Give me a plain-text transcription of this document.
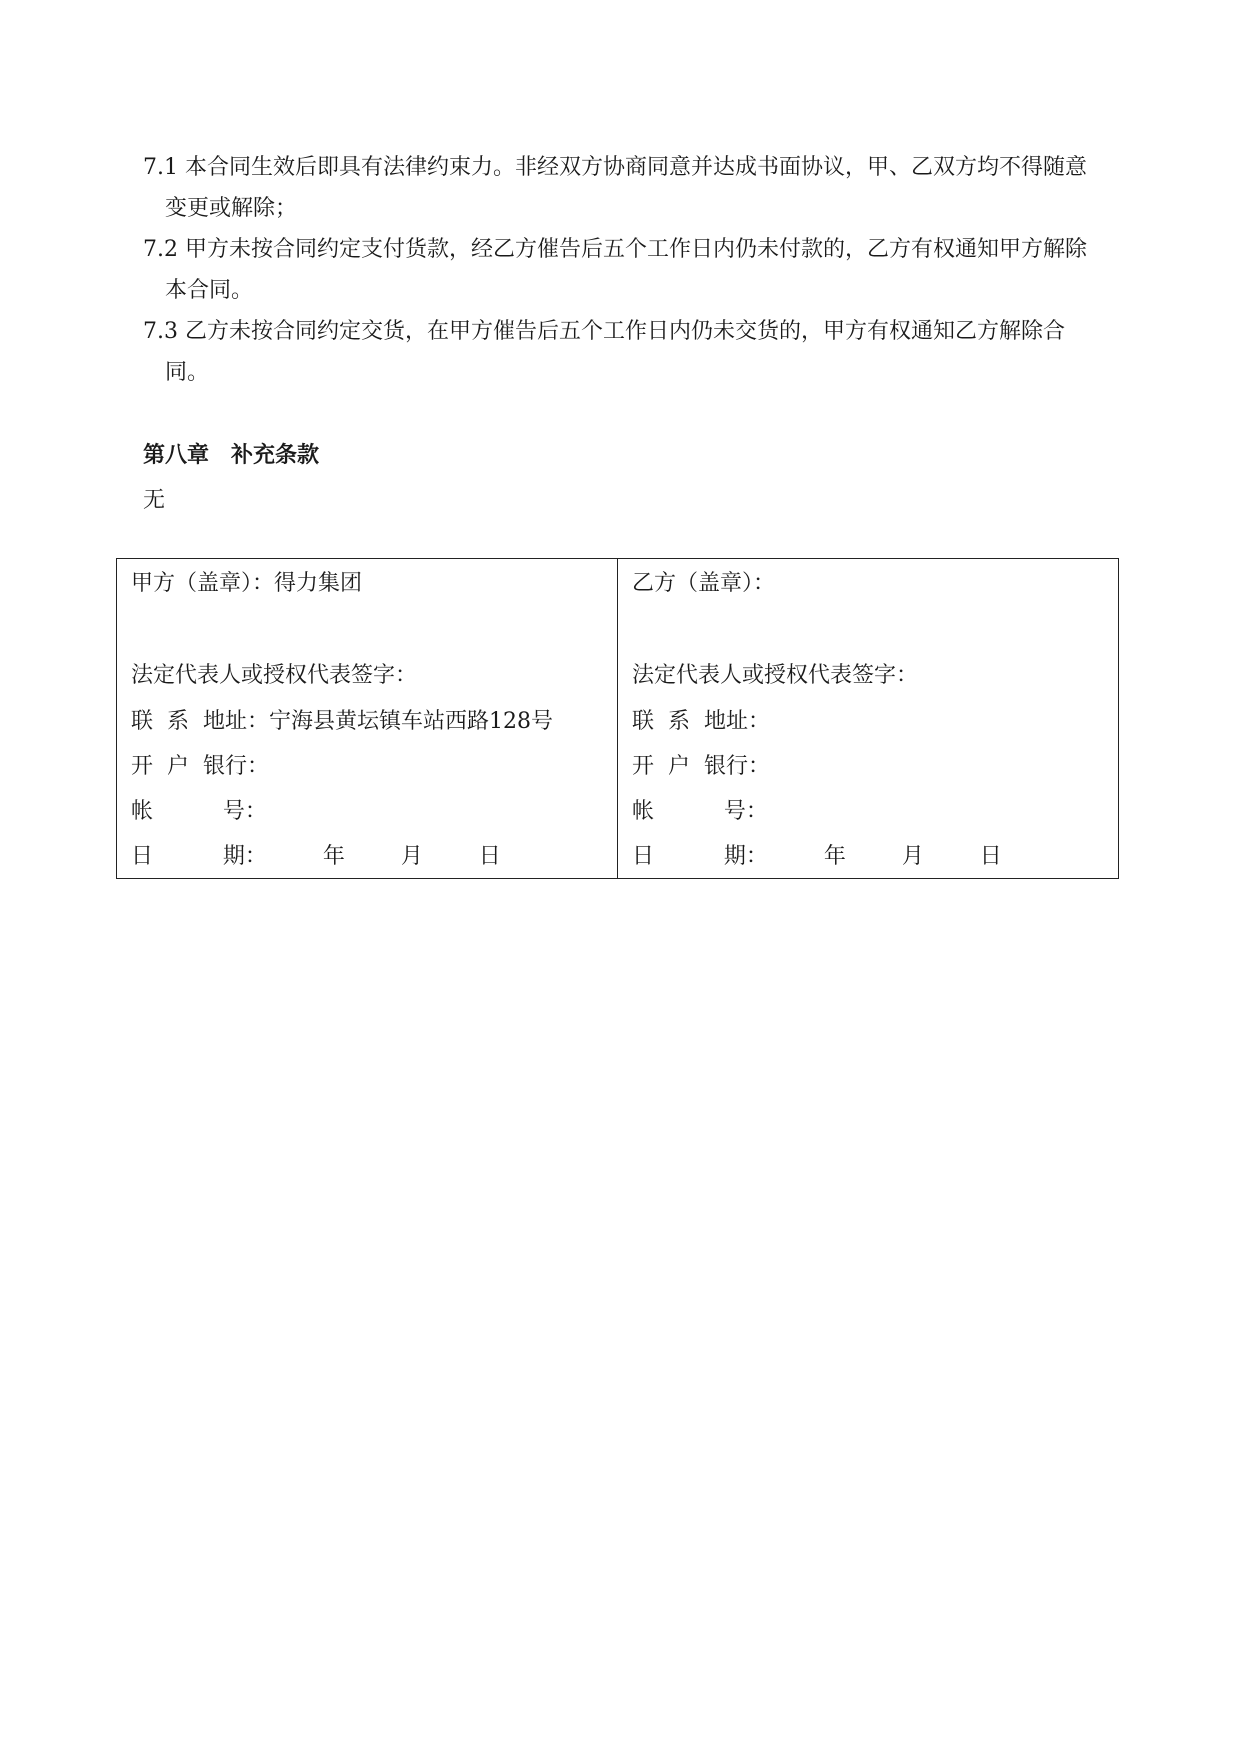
7.1 本合同生效后即具有法律约束力。非经双方协商同意并达成书面协议，甲、乙双方均不得随意变更或解除；

7.2 甲方未按合同约定支付货款，经乙方催告后五个工作日内仍未付款的，乙方有权通知甲方解除本合同。

7.3 乙方未按合同约定交货，在甲方催告后五个工作日内仍未交货的，甲方有权通知乙方解除合同。

第八章　补充条款

无

甲方（盖章）：得力集团
法定代表人或授权代表签字：
联  系  地址：宁海县黄坛镇车站西路128号
开  户  银行：
帐          号：
日          期：        年        月        日
乙方（盖章）：
法定代表人或授权代表签字：
联  系  地址：
开  户  银行：
帐          号：
日          期：        年        月        日
